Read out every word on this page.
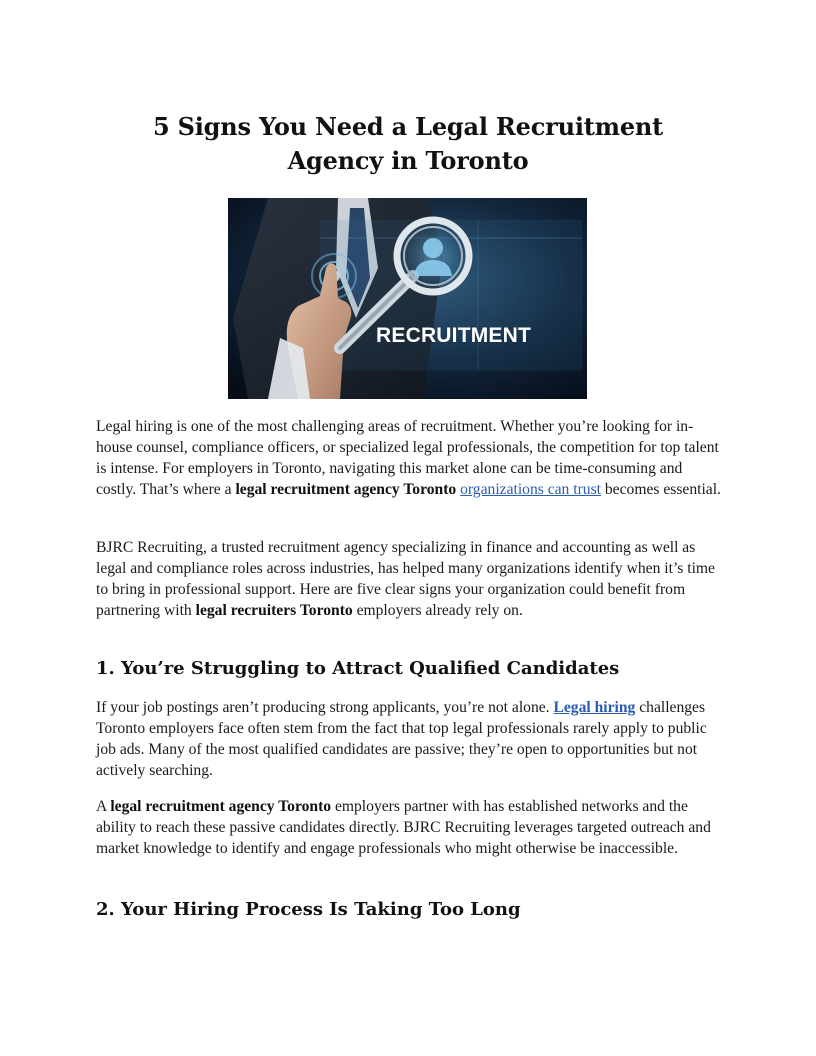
5 Signs You Need a Legal Recruitment
Agency in Toronto
RECRUITMENT

Legal hiring is one of the most challenging areas of recruitment. Whether you’re looking for in-house counsel, compliance officers, or specialized legal professionals, the competition for top talent is intense. For employers in Toronto, navigating this market alone can be time-consuming and costly. That’s where a legal recruitment agency Toronto organizations can trust becomes essential.

BJRC Recruiting, a trusted recruitment agency specializing in finance and accounting as well as legal and compliance roles across industries, has helped many organizations identify when it’s time to bring in professional support. Here are five clear signs your organization could benefit from partnering with legal recruiters Toronto employers already rely on.

1. You’re Struggling to Attract Qualified Candidates

If your job postings aren’t producing strong applicants, you’re not alone. Legal hiring challenges Toronto employers face often stem from the fact that top legal professionals rarely apply to public job ads. Many of the most qualified candidates are passive; they’re open to opportunities but not actively searching.

A legal recruitment agency Toronto employers partner with has established networks and the ability to reach these passive candidates directly. BJRC Recruiting leverages targeted outreach and market knowledge to identify and engage professionals who might otherwise be inaccessible.

2. Your Hiring Process Is Taking Too Long
